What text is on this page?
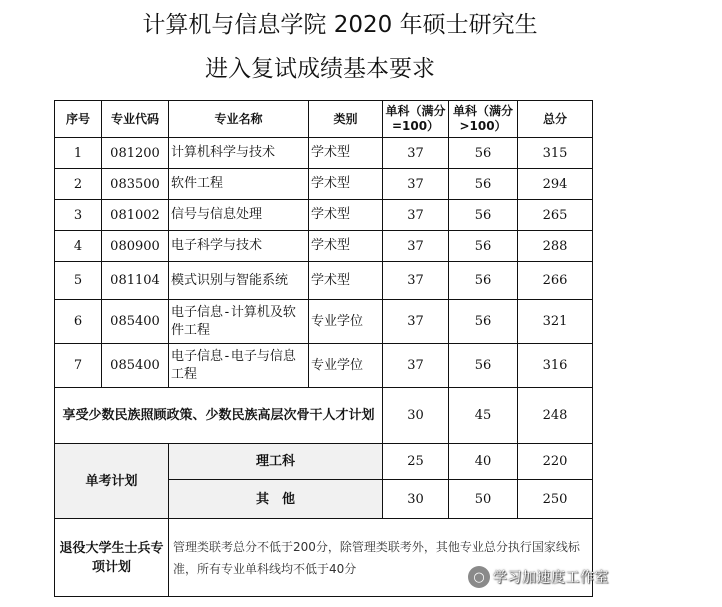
计算机与信息学院 2020 年硕士研究生
进入复试成绩基本要求
序号	专业代码	专业名称	类别	单科（满分=100）	单科（满分>100）	总分
1	081200	计算机科学与技术	学术型	37	56	315
2	083500	软件工程	学术型	37	56	294
3	081002	信号与信息处理	学术型	37	56	265
4	080900	电子科学与技术	学术型	37	56	288
5	081104	模式识别与智能系统	学术型	37	56	266
6	085400	电子信息-计算机及软件工程	专业学位	37	56	321
7	085400	电子信息-电子与信息工程	专业学位	37	56	316
享受少数民族照顾政策、少数民族高层次骨干人才计划				30	45	248
单考计划		理工科		25	40	220
		其　他		30	50	250
退役大学生士兵专项计划		管理类联考总分不低于200分，除管理类联考外，其他专业总分执行国家线标准，所有专业单科线均不低于40分				
○ 学习加速度工作室
